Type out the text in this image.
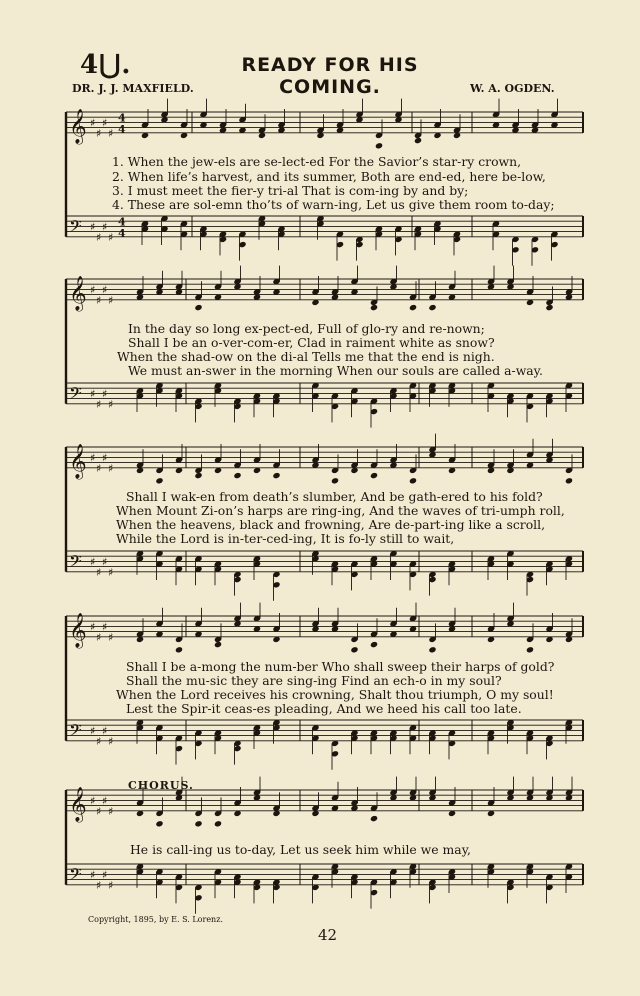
4⋃.	READY FOR HIS COMING.
DR. J. J. MAXFIELD.	W. A. OGDEN.
𝄞 ♯
♯
♯
♯
4
4
𝄢 ♯
♯
♯
♯
4
4
𝄞 ♯
♯
♯
♯
𝄢 ♯
♯
♯
♯
𝄞 ♯
♯
♯
♯
𝄢 ♯
♯
♯
♯
𝄞 ♯
♯
♯
♯
𝄢 ♯
♯
♯
♯
𝄞 ♯
♯
♯
♯
𝄢 ♯
♯
♯
♯
1. When the jew-els are se-lect-ed For the Savior’s star-ry crown,
2. When life’s harvest, and its summer, Both are end-ed, here be-low,
3. I must meet the fier-y tri-al That is com-ing by and by;
4. These are sol-emn tho’ts of warn-ing, Let us give them room to-day;
In the day so long ex-pect-ed, Full of glo-ry and re-nown;
Shall I be an o-ver-com-er, Clad in raiment white as snow?
When the shad-ow on the di-al Tells me that the end is nigh.
We must an-swer in the morning When our souls are called a-way.
Shall I wak-en from death’s slumber, And be gath-ered to his fold?
When Mount Zi-on’s harps are ring-ing, And the waves of tri-umph roll,
When the heavens, black and frowning, Are de-part-ing like a scroll,
While the Lord is in-ter-ced-ing, It is fo-ly still to wait,
Shall I be a-mong the num-ber Who shall sweep their harps of gold?
Shall the mu-sic they are sing-ing Find an ech-o in my soul?
When the Lord receives his crowning, Shalt thou triumph, O my soul!
Lest the Spir-it ceas-es pleading, And we heed his call too late.
CHORUS.
He is call-ing us to-day, Let us seek him while we may,
Copyright, 1895, by E. S. Lorenz.
42
